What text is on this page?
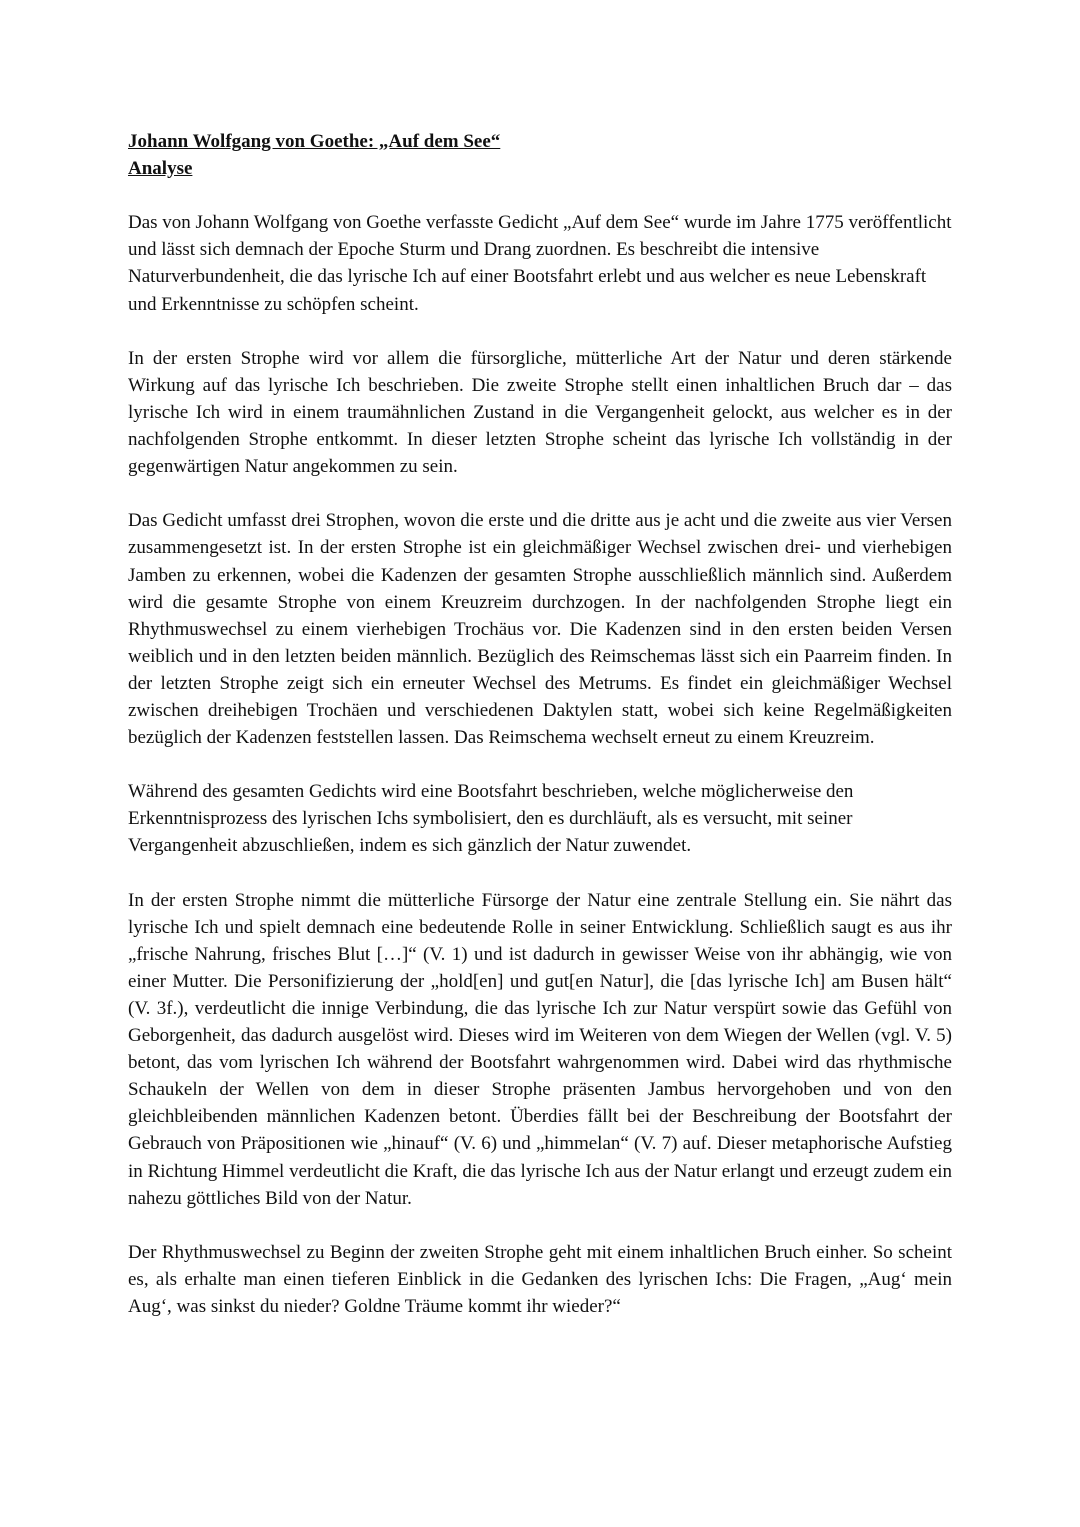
Johann Wolfgang von Goethe: „Auf dem See“

Analyse

Das von Johann Wolfgang von Goethe verfasste Gedicht „Auf dem See“ wurde im Jahre 1775 veröffentlicht und lässt sich demnach der Epoche Sturm und Drang zuordnen. Es beschreibt die intensive Naturverbundenheit, die das lyrische Ich auf einer Bootsfahrt erlebt und aus welcher es neue Lebenskraft und Erkenntnisse zu schöpfen scheint.

In der ersten Strophe wird vor allem die fürsorgliche, mütterliche Art der Natur und deren stärkende Wirkung auf das lyrische Ich beschrieben. Die zweite Strophe stellt einen inhaltlichen Bruch dar – das lyrische Ich wird in einem traumähnlichen Zustand in die Vergangenheit gelockt, aus welcher es in der nachfolgenden Strophe entkommt. In dieser letzten Strophe scheint das lyrische Ich vollständig in der gegenwärtigen Natur angekommen zu sein.

Das Gedicht umfasst drei Strophen, wovon die erste und die dritte aus je acht und die zweite aus vier Versen zusammengesetzt ist. In der ersten Strophe ist ein gleichmäßiger Wechsel zwischen drei- und vierhebigen Jamben zu erkennen, wobei die Kadenzen der gesamten Strophe ausschließlich männlich sind. Außerdem wird die gesamte Strophe von einem Kreuzreim durchzogen. In der nachfolgenden Strophe liegt ein Rhythmuswechsel zu einem vierhebigen Trochäus vor. Die Kadenzen sind in den ersten beiden Versen weiblich und in den letzten beiden männlich. Bezüglich des Reimschemas lässt sich ein Paarreim finden. In der letzten Strophe zeigt sich ein erneuter Wechsel des Metrums. Es findet ein gleichmäßiger Wechsel zwischen dreihebigen Trochäen und verschiedenen Daktylen statt, wobei sich keine Regelmäßigkeiten bezüglich der Kadenzen feststellen lassen. Das Reimschema wechselt erneut zu einem Kreuzreim.

Während des gesamten Gedichts wird eine Bootsfahrt beschrieben, welche möglicherweise den Erkenntnisprozess des lyrischen Ichs symbolisiert, den es durchläuft, als es versucht, mit seiner Vergangenheit abzuschließen, indem es sich gänzlich der Natur zuwendet.

In der ersten Strophe nimmt die mütterliche Fürsorge der Natur eine zentrale Stellung ein. Sie nährt das lyrische Ich und spielt demnach eine bedeutende Rolle in seiner Entwicklung. Schließlich saugt es aus ihr „frische Nahrung, frisches Blut […]“ (V. 1) und ist dadurch in gewisser Weise von ihr abhängig, wie von einer Mutter. Die Personifizierung der „hold[en] und gut[en Natur], die [das lyrische Ich] am Busen hält“ (V. 3f.), verdeutlicht die innige Verbindung, die das lyrische Ich zur Natur verspürt sowie das Gefühl von Geborgenheit, das dadurch ausgelöst wird. Dieses wird im Weiteren von dem Wiegen der Wellen (vgl. V. 5) betont, das vom lyrischen Ich während der Bootsfahrt wahrgenommen wird. Dabei wird das rhythmische Schaukeln der Wellen von dem in dieser Strophe präsenten Jambus hervorgehoben und von den gleichbleibenden männlichen Kadenzen betont. Überdies fällt bei der Beschreibung der Bootsfahrt der Gebrauch von Präpositionen wie „hinauf“ (V. 6) und „himmelan“ (V. 7) auf. Dieser metaphorische Aufstieg in Richtung Himmel verdeutlicht die Kraft, die das lyrische Ich aus der Natur erlangt und erzeugt zudem ein nahezu göttliches Bild von der Natur.

Der Rhythmuswechsel zu Beginn der zweiten Strophe geht mit einem inhaltlichen Bruch einher. So scheint es, als erhalte man einen tieferen Einblick in die Gedanken des lyrischen Ichs: Die Fragen, „Aug‘ mein Aug‘, was sinkst du nieder? Goldne Träume kommt ihr wieder?“
